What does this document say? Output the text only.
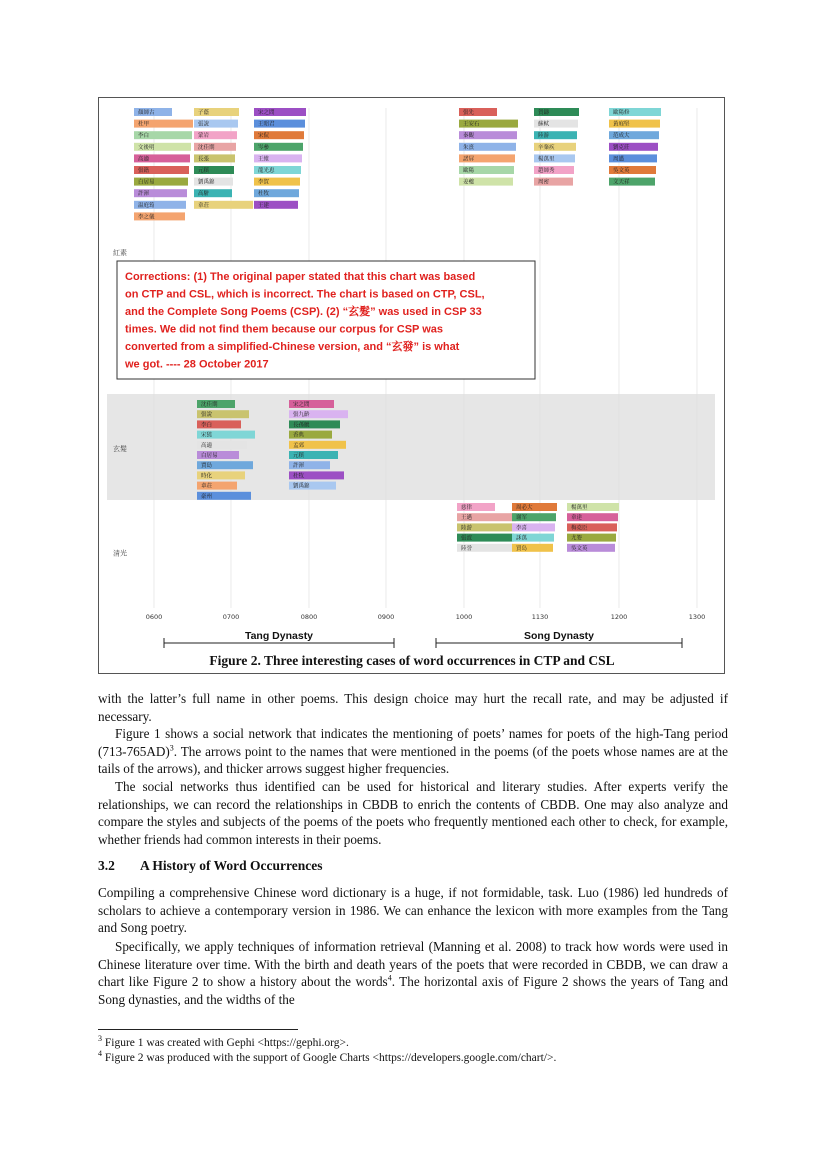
紅素
玄髮
清光
0600	0700	0800	0900	1000	1130	1200	1300
顏師古	子蔭	宋之問
杜甲	張說	王昭君
李白	蒙岩	宋侃
文後明	沈佳期	岑參
高適	長張	王維
張籍	元稹	龍光恵
白居易	劉禹錦	李賀
許渾	高駢	杜牧
温庭筠	韋荘	王建
李之儀
張先	賀鑄	歐陽修
王安石	蘇軾	黃庭堅
秦觀	陸游	范成大
朱熹	辛棄疾	劉克莊
諾屏	楊萬里	周邁
歐陽	趙師秀	吳文英
姜夔	周密	文天祥
沈佳期	宋之問
張說	張九齡
李白	長孫骴
宋獟	香典
高適	孟郊
白居易	元稹
賈島	許渾
時化	杜牧
韋荘	劉禹錦
豪州
慈律	周必大	楊萬里
王邁	谢军	韋達
陸游	李喜	梅堯臣
張波	訸萬	尤妴
陸誉	買岛	吳文英
Corrections: (1) The original paper stated that this chart was based
on CTP and CSL, which is incorrect. The chart is based on CTP, CSL,
and the Complete Song Poems (CSP). (2) “玄髮” was used in CSP 33
times. We did not find them because our corpus for CSP was
converted from a simplified-Chinese version, and “玄發” is what
we got. ---- 28 October 2017
Tang Dynasty	Song Dynasty
Figure 2. Three interesting cases of word occurrences in CTP and CSL

with the latter’s full name in other poems. This design choice may hurt the recall rate, and may be adjusted if necessary.

Figure 1 shows a social network that indicates the mentioning of poets’ names for poets of the high-Tang period $(713-765AD)^3$. The arrows point to the names that were mentioned in the poems (of the poets whose names are at the tails of the arrows), and thicker arrows suggest higher frequencies.

The social networks thus identified can be used for historical and literary studies. After experts verify the relationships, we can record the relationships in CBDB to enrich the contents of CBDB. One may also analyze and compare the styles and subjects of the poems of the poets who frequently mentioned each other to check, for example, whether friends had common interests in their poems.

3.2 A History of Word Occurrences

Compiling a comprehensive Chinese word dictionary is a huge, if not formidable, task. Luo (1986) led hundreds of scholars to achieve a contemporary version in 1986. We can enhance the lexicon with more examples from the Tang and Song poetry.

Specifically, we apply techniques of information retrieval (Manning et al. 2008) to track how words were used in Chinese literature over time. With the birth and death years of the poets that were recorded in CBDB, we can draw a chart like Figure 2 to show a history about the words$^4$. The horizontal axis of Figure 2 shows the years of Tang and Song dynasties, and the widths of the

$^3$ Figure 1 was created with Gephi <https://gephi.org>.
$^4$ Figure 2 was produced with the support of Google Charts <https://developers.google.com/chart/>.
